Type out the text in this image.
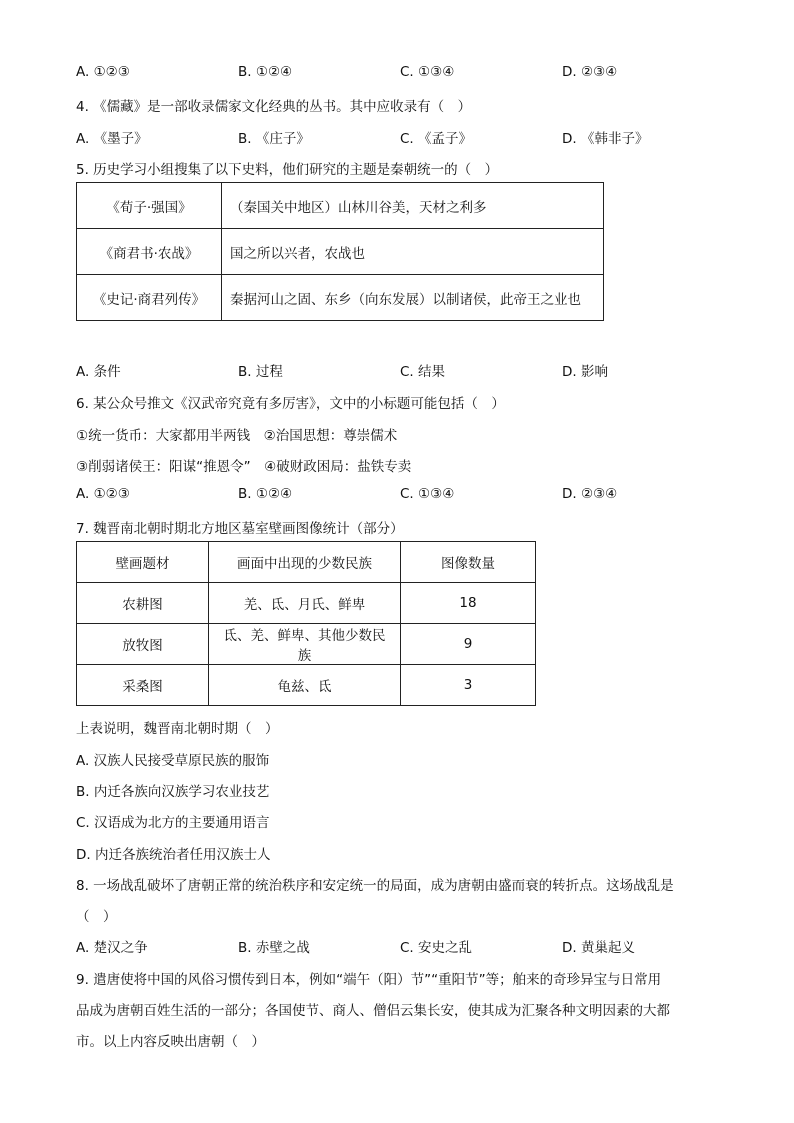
A. ①②③	B. ①②④	C. ①③④	D. ②③④
4. 《儒藏》是一部收录儒家文化经典的丛书。其中应收录有（　）
A. 《墨子》	B. 《庄子》	C. 《孟子》	D. 《韩非子》
5. 历史学习小组搜集了以下史料，他们研究的主题是秦朝统一的（　）
《荀子·强国》	（秦国关中地区）山林川谷美，天材之利多
《商君书·农战》	国之所以兴者，农战也
《史记·商君列传》	秦据河山之固、东乡（向东发展）以制诸侯，此帝王之业也
A. 条件	B. 过程	C. 结果	D. 影响
6. 某公众号推文《汉武帝究竟有多厉害》，文中的小标题可能包括（　）
①统一货币：大家都用半两钱　②治国思想：尊崇儒术
③削弱诸侯王：阳谋“推恩令”　④破财政困局：盐铁专卖
A. ①②③	B. ①②④	C. ①③④	D. ②③④
7. 魏晋南北朝时期北方地区墓室壁画图像统计（部分）
壁画题材	画面中出现的少数民族	图像数量
农耕图	羌、氐、月氏、鲜卑	18
放牧图	氐、羌、鲜卑、其他少数民族	9
采桑图	龟兹、氐	3
上表说明，魏晋南北朝时期（　）
A. 汉族人民接受草原民族的服饰
B. 内迁各族向汉族学习农业技艺
C. 汉语成为北方的主要通用语言
D. 内迁各族统治者任用汉族士人
8. 一场战乱破坏了唐朝正常的统治秩序和安定统一的局面，成为唐朝由盛而衰的转折点。这场战乱是
（　）
A. 楚汉之争	B. 赤壁之战	C. 安史之乱	D. 黄巢起义
9. 遣唐使将中国的风俗习惯传到日本，例如“端午（阳）节”“重阳节”等；舶来的奇珍异宝与日常用
品成为唐朝百姓生活的一部分；各国使节、商人、僧侣云集长安，使其成为汇聚各种文明因素的大都
市。以上内容反映出唐朝（　）
